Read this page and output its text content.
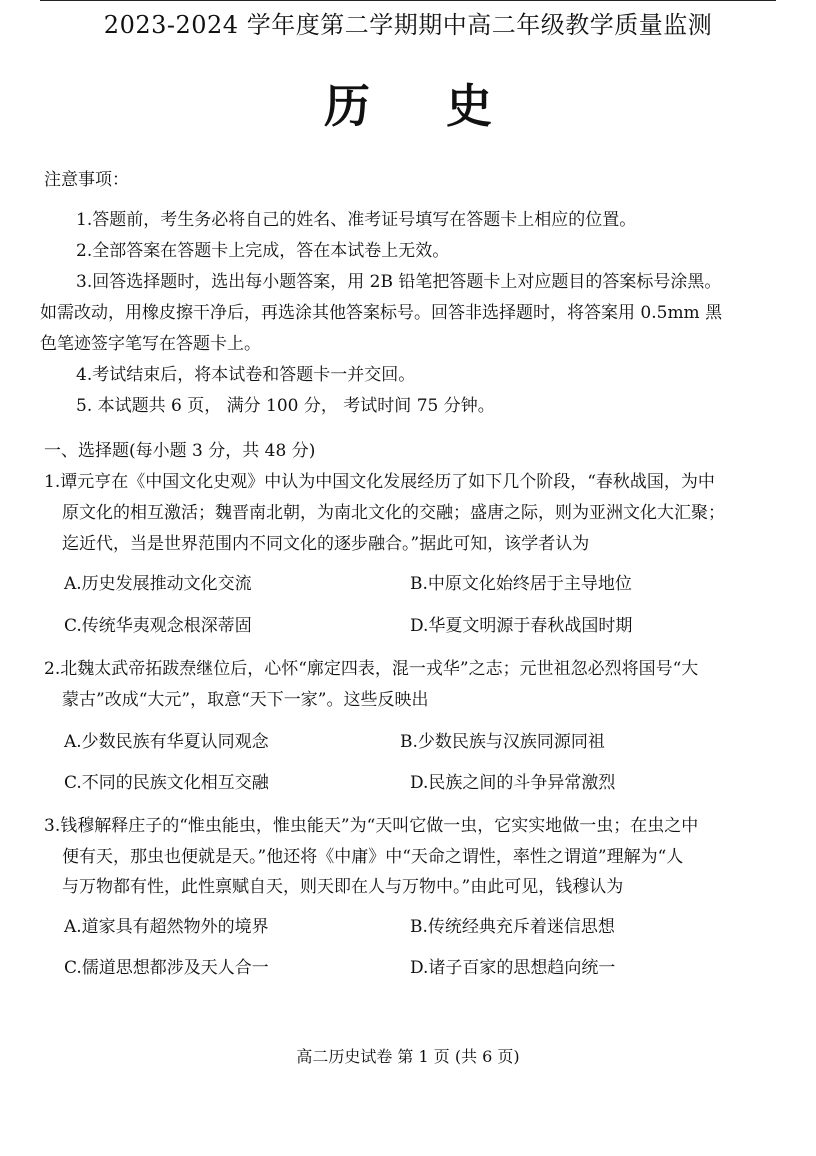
2023-2024 学年度第二学期期中高二年级教学质量监测
历 史
注意事项：
1.答题前，考生务必将自己的姓名、准考证号填写在答题卡上相应的位置。
2.全部答案在答题卡上完成，答在本试卷上无效。
3.回答选择题时，选出每小题答案，用 2B 铅笔把答题卡上对应题目的答案标号涂黑。
如需改动，用橡皮擦干净后，再选涂其他答案标号。回答非选择题时，将答案用 0.5mm 黑
色笔迹签字笔写在答题卡上。
4.考试结束后，将本试卷和答题卡一并交回。
5. 本试题共 6 页， 满分 100 分， 考试时间 75 分钟。
一、选择题(每小题 3 分，共 48 分)
1.谭元亨在《中国文化史观》中认为中国文化发展经历了如下几个阶段，“春秋战国，为中
原文化的相互激活；魏晋南北朝，为南北文化的交融；盛唐之际，则为亚洲文化大汇聚；
迄近代，当是世界范围内不同文化的逐步融合。”据此可知，该学者认为
A.历史发展推动文化交流	B.中原文化始终居于主导地位
C.传统华夷观念根深蒂固	D.华夏文明源于春秋战国时期
2.北魏太武帝拓跋焘继位后，心怀“廓定四表，混一戎华”之志；元世祖忽必烈将国号“大
蒙古”改成“大元”，取意“天下一家”。这些反映出
A.少数民族有华夏认同观念	B.少数民族与汉族同源同祖
C.不同的民族文化相互交融	D.民族之间的斗争异常激烈
3.钱穆解释庄子的“惟虫能虫，惟虫能天”为“天叫它做一虫，它实实地做一虫；在虫之中
便有天，那虫也便就是天。”他还将《中庸》中“天命之谓性，率性之谓道”理解为“人
与万物都有性，此性禀赋自天，则天即在人与万物中。”由此可见，钱穆认为
A.道家具有超然物外的境界	B.传统经典充斥着迷信思想
C.儒道思想都涉及天人合一	D.诸子百家的思想趋向统一
高二历史试卷 第 1 页 (共 6 页)
